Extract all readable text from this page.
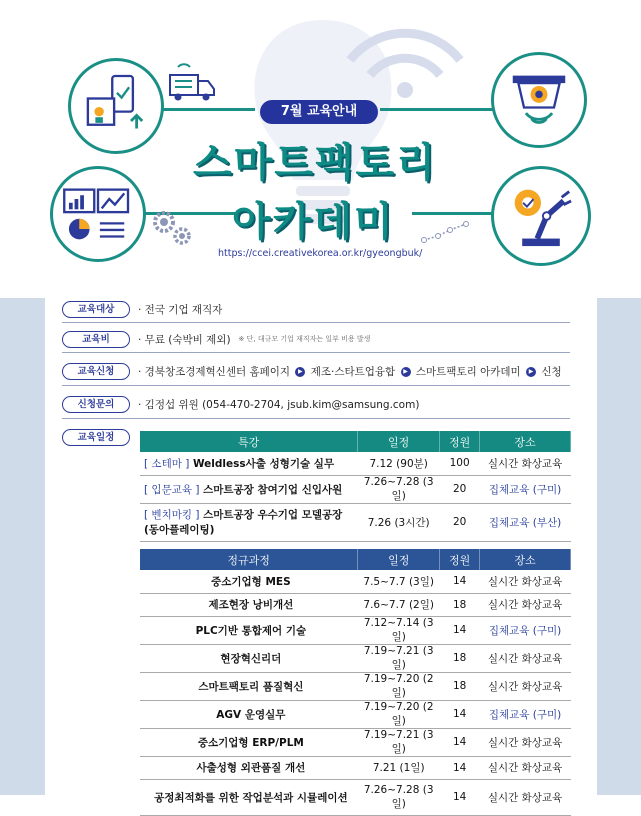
7월 교육안내
스마트팩토리
아카데미
https://ccei.creativekorea.or.kr/gyeongbuk/
교육대상	· 전국 기업 재직자
교육비	· 무료 (숙박비 제외) ※ 단, 대규모 기업 재직자는 일부 비용 발생
교육신청	· 경북창조경제혁신센터 홈페이지 ▶ 제조·스타트업융합 ▶ 스마트팩토리 아카데미 ▶ 신청
신청문의	· 김정섭 위원 (054-470-2704, jsub.kim@samsung.com)
교육일정	특강	일정	정원	장소
[ 소테마 ] Weldless사출 성형기술 실무	7.12 (90분)	100	실시간 화상교육
[ 입문교육 ] 스마트공장 참여기업 신입사원	7.26~7.28 (3일)	20	집체교육 (구미)
[ 벤치마킹 ] 스마트공장 우수기업 모델공장 (동아플레이팅)	7.26 (3시간)	20	집체교육 (부산)
정규과정	일정	정원	장소
중소기업형 MES	7.5~7.7 (3일)	14	실시간 화상교육
제조현장 낭비개선	7.6~7.7 (2일)	18	실시간 화상교육
PLC기반 통합제어 기술	7.12~7.14 (3일)	14	집체교육 (구미)
현장혁신리더	7.19~7.21 (3일)	18	실시간 화상교육
스마트팩토리 품질혁신	7.19~7.20 (2일)	18	실시간 화상교육
AGV 운영실무	7.19~7.20 (2일)	14	집체교육 (구미)
중소기업형 ERP/PLM	7.19~7.21 (3일)	14	실시간 화상교육
사출성형 외관품질 개선	7.21 (1일)	14	실시간 화상교육
공정최적화를 위한 작업분석과 시뮬레이션	7.26~7.28 (3일)	14	실시간 화상교육
